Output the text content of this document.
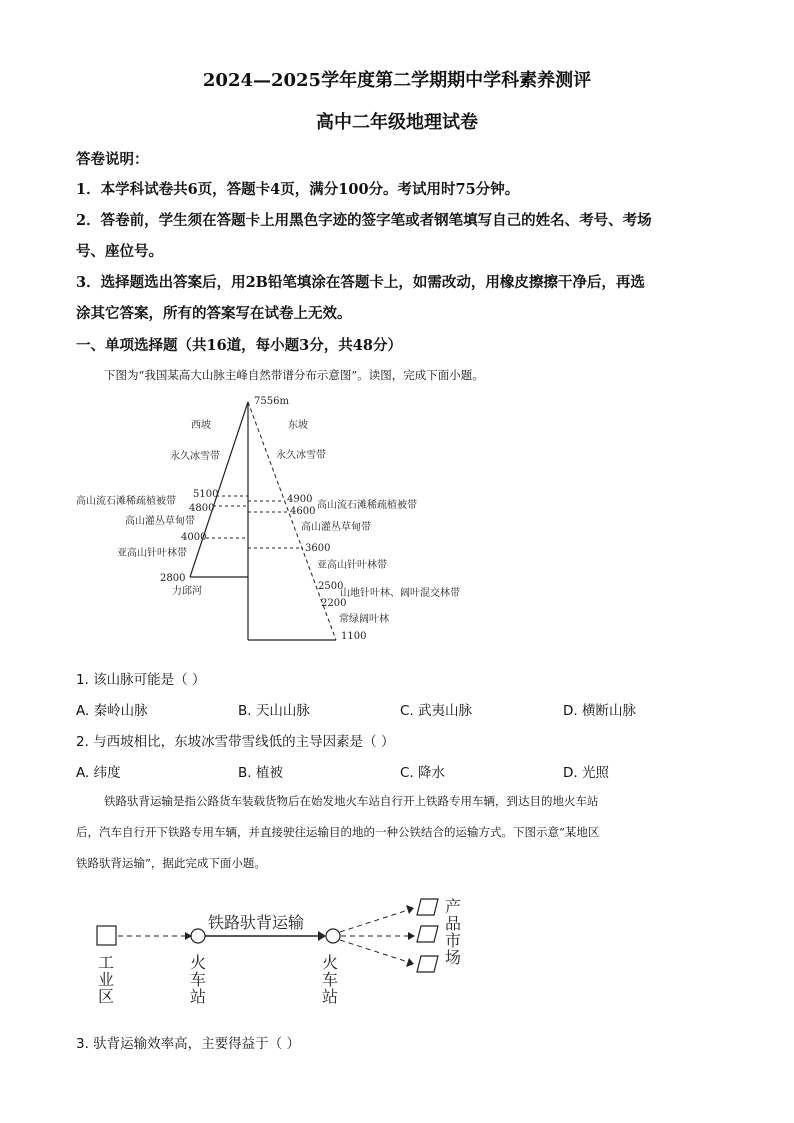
2024—2025学年度第二学期期中学科素养测评
高中二年级地理试卷
答卷说明：
1．本学科试卷共6页，答题卡4页，满分100分。考试用时75分钟。
2．答卷前，学生须在答题卡上用黑色字迹的签字笔或者钢笔填写自己的姓名、考号、考场
号、座位号。
3．选择题选出答案后，用2B铅笔填涂在答题卡上，如需改动，用橡皮擦擦干净后，再选
涂其它答案，所有的答案写在试卷上无效。
一、单项选择题（共16道，每小题3分，共48分）
下图为“我国某高大山脉主峰自然带谱分布示意图”。读图，完成下面小题。
7556m
西坡	东坡
永久冰雪带	永久冰雪带
5100
高山流石滩稀疏植被带
4800
高山灌丛草甸带
4000
亚高山针叶林带
2800
力邱河
4900
高山流石滩稀疏植被带
4600
高山灌丛草甸带
3600
亚高山针叶林带
2500
山地针叶林、阔叶混交林带
2200
常绿阔叶林
1100
1. 该山脉可能是（ ）
A. 秦岭山脉	B. 天山山脉	C. 武夷山脉	D. 横断山脉
2. 与西坡相比，东坡冰雪带雪线低的主导因素是（ ）
A. 纬度	B. 植被	C. 降水	D. 光照
铁路驮背运输是指公路货车装载货物后在始发地火车站自行开上铁路专用车辆，到达目的地火车站
后，汽车自行开下铁路专用车辆，并直接驶往运输目的地的一种公铁结合的运输方式。下图示意“某地区
铁路驮背运输”，据此完成下面小题。
铁路驮背运输
工
业
区
火
车
站
火
车
站
产
品
市
场
3. 驮背运输效率高，主要得益于（ ）
